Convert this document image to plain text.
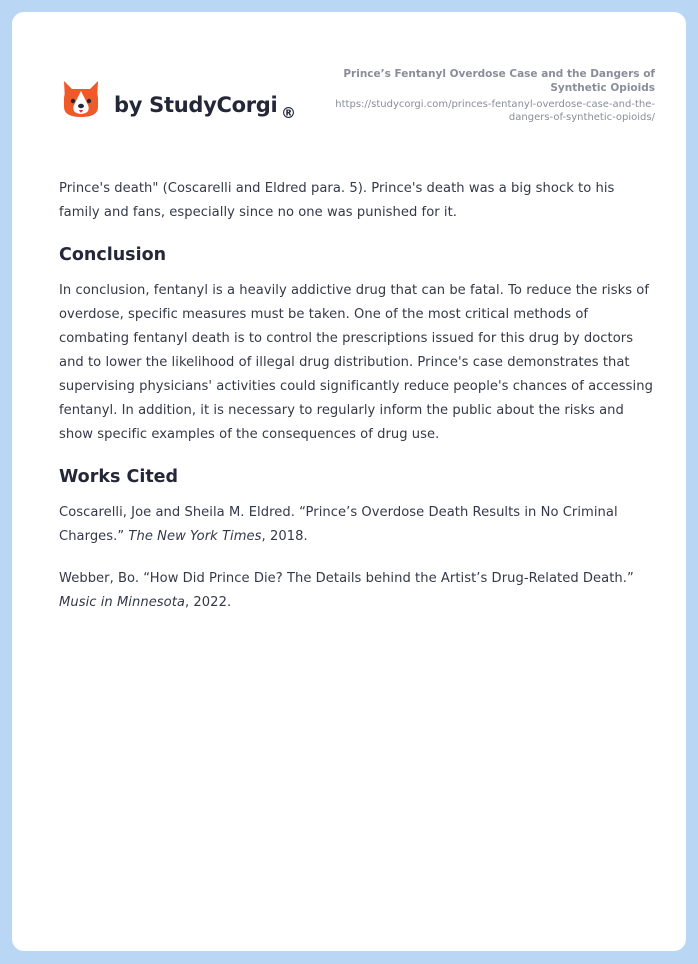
by StudyCorgi ®
Prince’s Fentanyl Overdose Case and the Dangers of Synthetic Opioids
https://studycorgi.com/princes-fentanyl-overdose-case-and-the-dangers-of-synthetic-opioids/

Prince's death" (Coscarelli and Eldred para. 5). Prince's death was a big shock to his family and fans, especially since no one was punished for it.

Conclusion

In conclusion, fentanyl is a heavily addictive drug that can be fatal. To reduce the risks of overdose, specific measures must be taken. One of the most critical methods of combating fentanyl death is to control the prescriptions issued for this drug by doctors and to lower the likelihood of illegal drug distribution. Prince's case demonstrates that supervising physicians' activities could significantly reduce people's chances of accessing fentanyl. In addition, it is necessary to regularly inform the public about the risks and show specific examples of the consequences of drug use.

Works Cited

Coscarelli, Joe and Sheila M. Eldred. “Prince’s Overdose Death Results in No Criminal Charges.” The New York Times, 2018.

Webber, Bo. “How Did Prince Die? The Details behind the Artist’s Drug-Related Death.” Music in Minnesota, 2022.
